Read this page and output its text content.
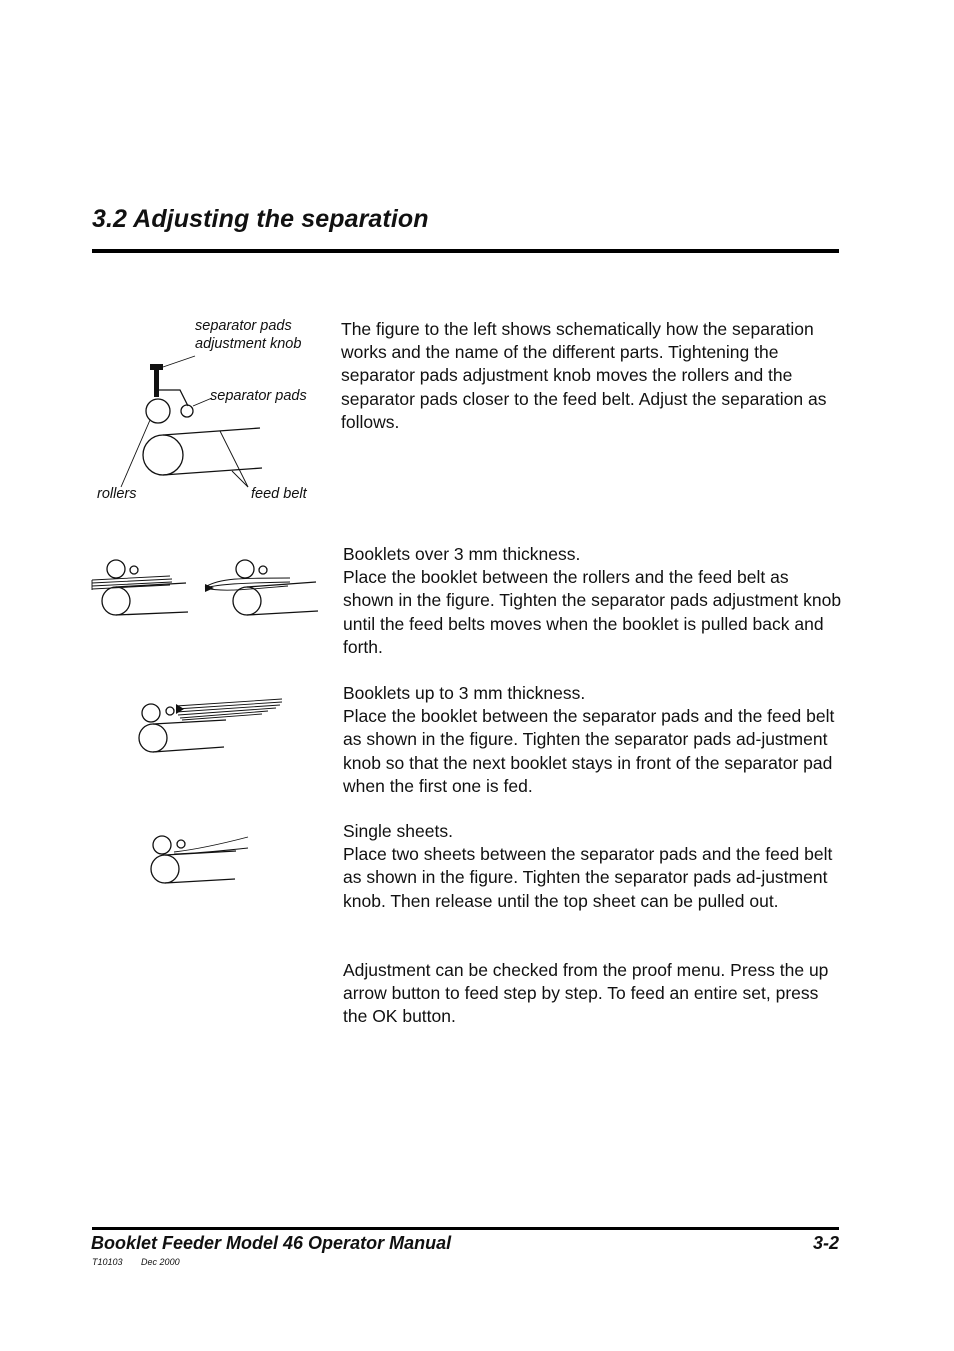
3.2 Adjusting the separation
separator pads
adjustment knob
separator pads
rollers	feed belt

The figure to the left shows schematically how the separation works and the name of the different parts. Tightening the separator pads adjustment knob moves the rollers and the separator pads closer to the feed belt. Adjust the separation as follows.

Booklets over 3 mm thickness.
Place the booklet between the rollers and the feed belt as shown in the figure. Tighten the separator pads adjustment knob until the feed belts moves when the booklet is pulled back and forth.
Booklets up to 3 mm thickness.
Place the booklet between the separator pads and the feed belt as shown in the figure. Tighten the separator pads ad-justment knob so that the next booklet stays in front of the separator pad when the first one is fed.
Single sheets.
Place two sheets between the separator pads and the feed belt as shown in the figure. Tighten the separator pads ad-justment knob. Then release until the top sheet can be pulled out.

Adjustment can be checked from the proof menu. Press the up arrow button to feed step by step. To feed an entire set, press the OK button.

Booklet Feeder Model 46 Operator Manual	3-2
T10103 Dec 2000
